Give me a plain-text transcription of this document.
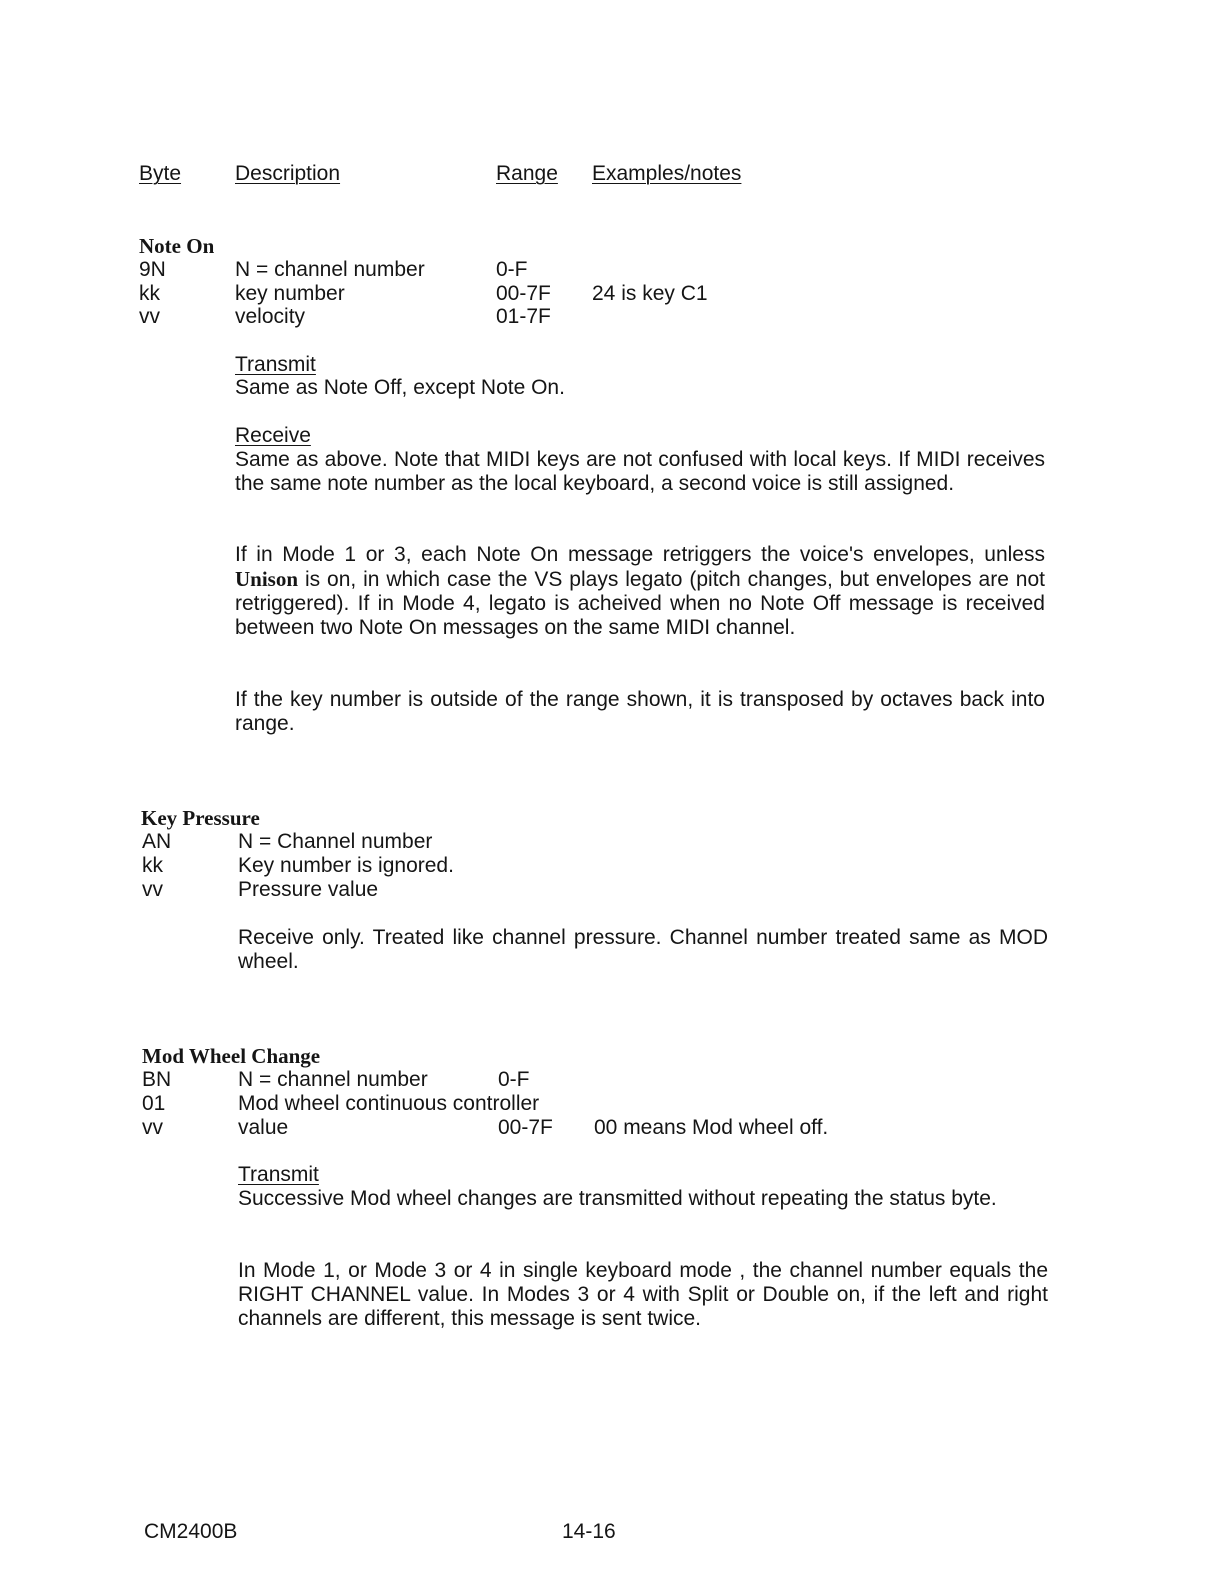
Byte	Description	Range Examples/notes
Note On
9N	N = channel number	0-F
kk	key number	00-7F 24 is key C1
vv	velocity	01-7F
Transmit
Same as Note Off, except Note On.
Receive
Same as above. Note that MIDI keys are not confused with local keys. If MIDI receives the same note number as the local keyboard, a second voice is still assigned.
If in Mode 1 or 3, each Note On message retriggers the voice's envelopes, unless Unison is on, in which case the VS plays legato (pitch changes, but envelopes are not retriggered). If in Mode 4, legato is acheived when no Note Off message is received between two Note On messages on the same MIDI channel.
If the key number is outside of the range shown, it is transposed by octaves back into range.
Key Pressure
AN	N = Channel number
kk	Key number is ignored.
vv	Pressure value
Receive only. Treated like channel pressure. Channel number treated same as MOD wheel.
Mod Wheel Change
BN	N = channel number	0-F
01	Mod wheel continuous controller
vv	value	00-7F 00 means Mod wheel off.
Transmit
Successive Mod wheel changes are transmitted without repeating the status byte.
In Mode 1, or Mode 3 or 4 in single keyboard mode , the channel number equals the RIGHT CHANNEL value. In Modes 3 or 4 with Split or Double on, if the left and right channels are different, this message is sent twice.
CM2400B	14-16
